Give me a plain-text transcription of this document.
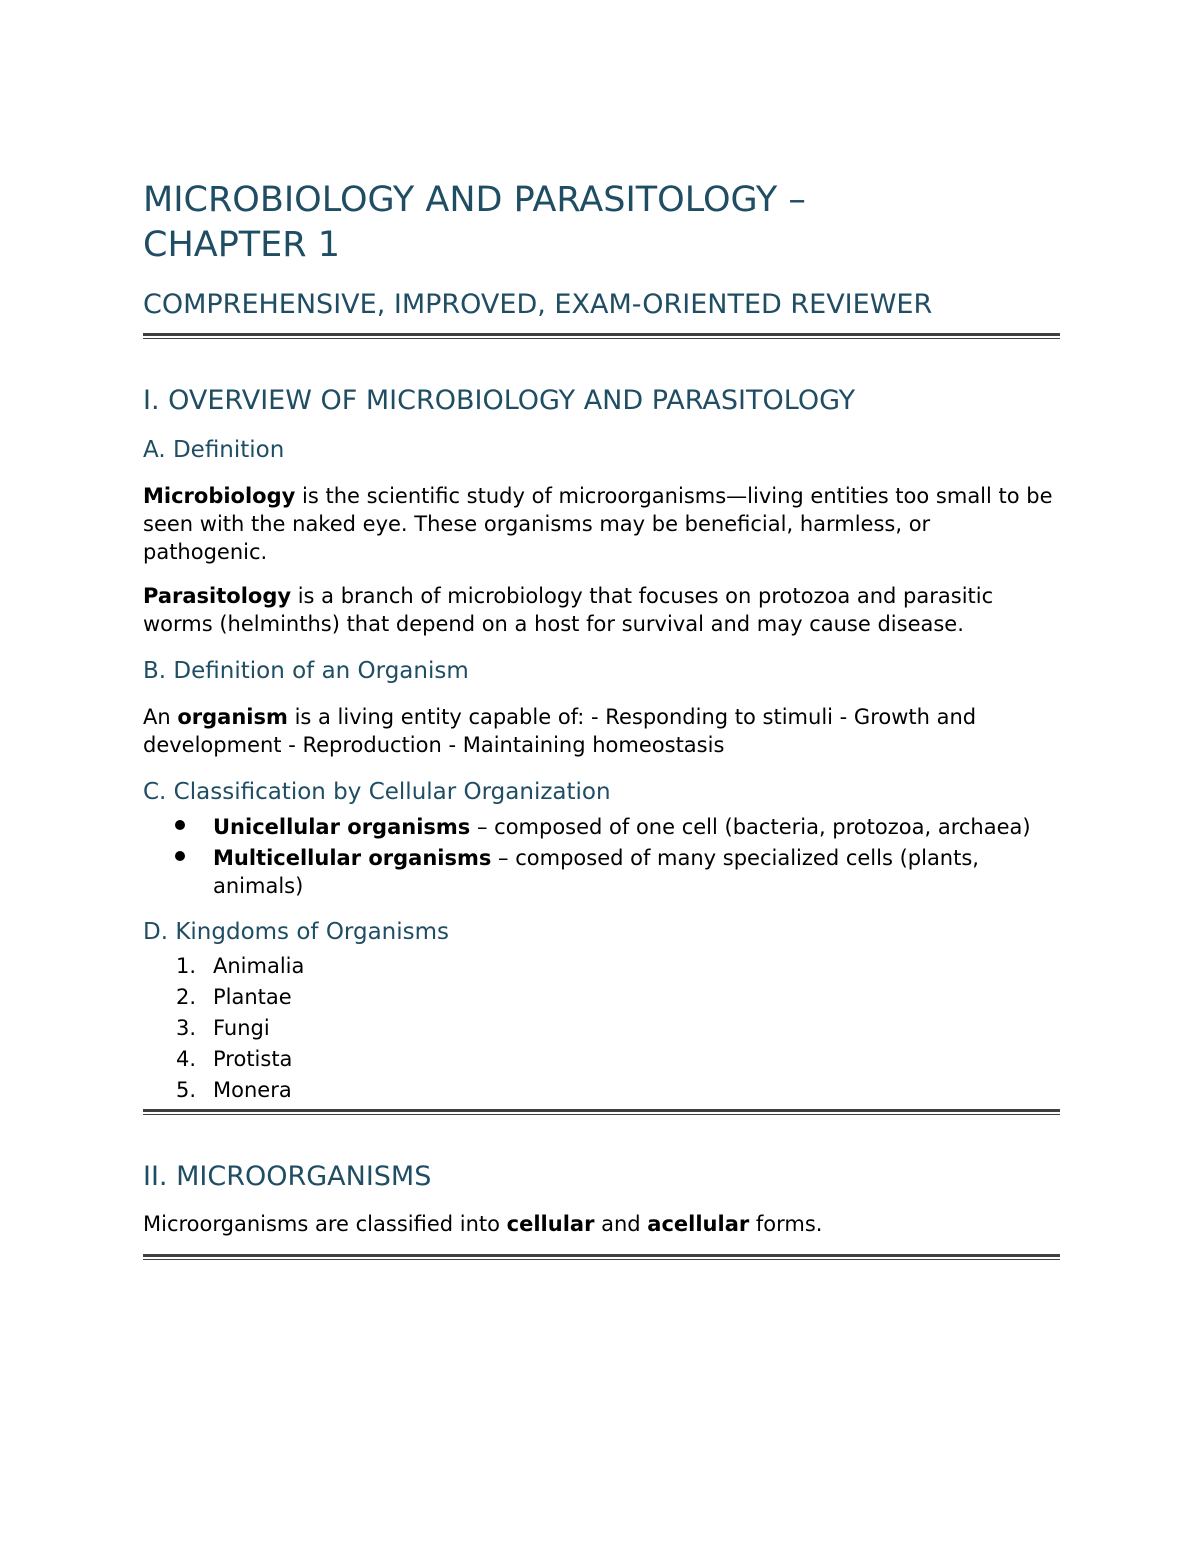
MICROBIOLOGY AND PARASITOLOGY –
CHAPTER 1
COMPREHENSIVE, IMPROVED, EXAM-ORIENTED REVIEWER
I. OVERVIEW OF MICROBIOLOGY AND PARASITOLOGY
A. Definition

Microbiology is the scientific study of microorganisms—living entities too small to be seen with the naked eye. These organisms may be beneficial, harmless, or pathogenic.

Parasitology is a branch of microbiology that focuses on protozoa and parasitic worms (helminths) that depend on a host for survival and may cause disease.

B. Definition of an Organism

An organism is a living entity capable of: - Responding to stimuli - Growth and development - Reproduction - Maintaining homeostasis

C. Classification by Cellular Organization
Unicellular organisms – composed of one cell (bacteria, protozoa, archaea)
Multicellular organisms – composed of many specialized cells (plants, animals)
D. Kingdoms of Organisms
1. Animalia
2. Plantae
3. Fungi
4. Protista
5. Monera
II. MICROORGANISMS

Microorganisms are classified into cellular and acellular forms.
